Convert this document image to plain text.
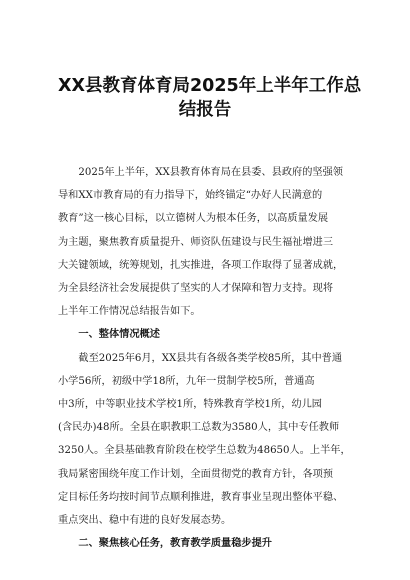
XX县教育体育局2025年上半年工作总
结报告

2025年上半年，XX县教育体育局在县委、县政府的坚强领
导和XX市教育局的有力指导下，始终锚定“办好人民满意的
教育”这一核心目标，以立德树人为根本任务，以高质量发展
为主题，聚焦教育质量提升、师资队伍建设与民生福祉增进三
大关键领域，统筹规划，扎实推进，各项工作取得了显著成就，
为全县经济社会发展提供了坚实的人才保障和智力支持。现将
上半年工作情况总结报告如下。

一、整体情况概述

截至2025年6月，XX县共有各级各类学校85所，其中普通
小学56所，初级中学18所，九年一贯制学校5所，普通高
中3所，中等职业技术学校1所，特殊教育学校1所，幼儿园
(含民办)48所。全县在职教职工总数为3580人，其中专任教师
3250人。全县基础教育阶段在校学生总数为48650人。上半年，
我局紧密围绕年度工作计划，全面贯彻党的教育方针，各项预
定目标任务均按时间节点顺利推进，教育事业呈现出整体平稳、
重点突出、稳中有进的良好发展态势。

二、聚焦核心任务，教育教学质量稳步提升
